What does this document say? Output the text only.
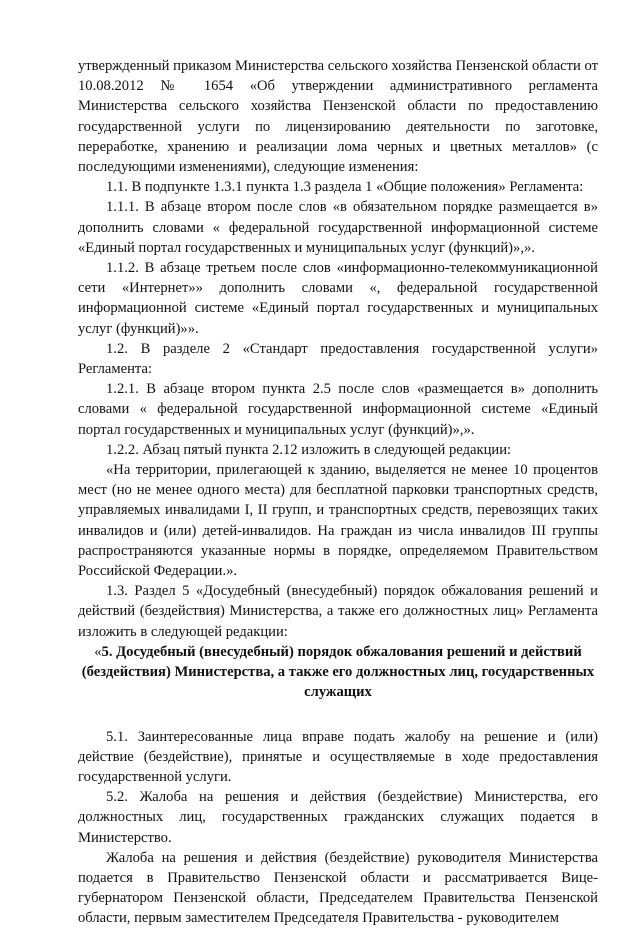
утвержденный приказом Министерства сельского хозяйства Пензенской области от 10.08.2012 № 1654 «Об утверждении административного регламента Министерства сельского хозяйства Пензенской области по предоставлению государственной услуги по лицензированию деятельности по заготовке, переработке, хранению и реализации лома черных и цветных металлов» (с последующими изменениями), следующие изменения:

1.1. В подпункте 1.3.1 пункта 1.3 раздела 1 «Общие положения» Регламента:

1.1.1. В абзаце втором после слов «в обязательном порядке размещается в» дополнить словами « федеральной государственной информационной системе «Единый портал государственных и муниципальных услуг (функций)»,».

1.1.2. В абзаце третьем после слов «информационно-телекоммуникационной сети «Интернет»» дополнить словами «, федеральной государственной информационной системе «Единый портал государственных и муниципальных услуг (функций)»».

1.2. В разделе 2 «Стандарт предоставления государственной услуги» Регламента:

1.2.1. В абзаце втором пункта 2.5 после слов «размещается в» дополнить словами « федеральной государственной информационной системе «Единый портал государственных и муниципальных услуг (функций)»,».

1.2.2. Абзац пятый пункта 2.12 изложить в следующей редакции:

«На территории, прилегающей к зданию, выделяется не менее 10 процентов мест (но не менее одного места) для бесплатной парковки транспортных средств, управляемых инвалидами I, II групп, и транспортных средств, перевозящих таких инвалидов и (или) детей-инвалидов. На граждан из числа инвалидов III группы распространяются указанные нормы в порядке, определяемом Правительством Российской Федерации.».

1.3. Раздел 5 «Досудебный (внесудебный) порядок обжалования решений и действий (бездействия) Министерства, а также его должностных лиц» Регламента изложить в следующей редакции:

«5. Досудебный (внесудебный) порядок обжалования решений и действий (бездействия) Министерства, а также его должностных лиц, государственных служащих

5.1. Заинтересованные лица вправе подать жалобу на решение и (или) действие (бездействие), принятые и осуществляемые в ходе предоставления государственной услуги.

5.2. Жалоба на решения и действия (бездействие) Министерства, его должностных лиц, государственных гражданских служащих подается в Министерство.

Жалоба на решения и действия (бездействие) руководителя Министерства подается в Правительство Пензенской области и рассматривается Вице-губернатором Пензенской области, Председателем Правительства Пензенской области, первым заместителем Председателя Правительства - руководителем
